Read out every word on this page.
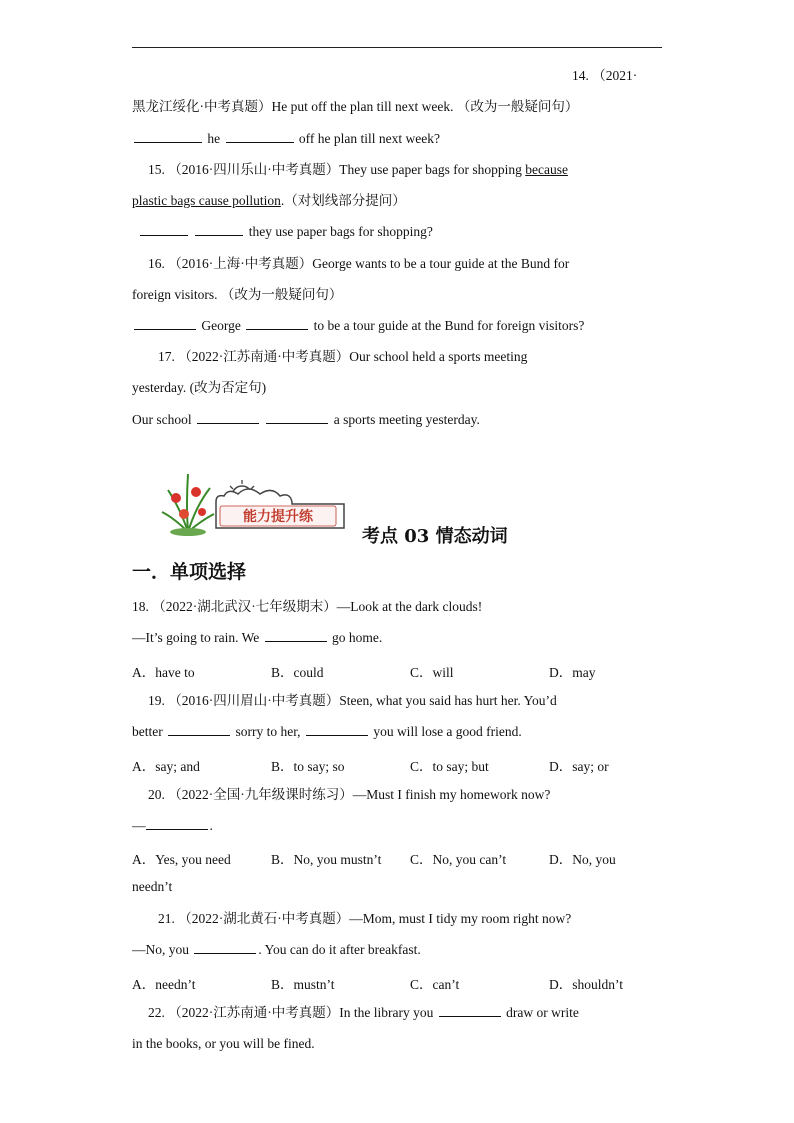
14. （2021·
黑龙江绥化·中考真题）He put off the plan till next week. （改为一般疑问句）
he	off he plan till next week?
15. （2016·四川乐山·中考真题）They use paper bags for shopping because
plastic bags cause pollution.（对划线部分提问）
they use paper bags for shopping?
16. （2016·上海·中考真题）George wants to be a tour guide at the Bund for
foreign visitors. （改为一般疑问句）
George	to be a tour guide at the Bund for foreign visitors?
17. （2022·江苏南通·中考真题）Our school held a sports meeting
yesterday. (改为否定句)
Our school	a sports meeting yesterday.
能力提升练
考点 03 情态动词
一．单项选择
18. （2022·湖北武汉·七年级期末）—Look at the dark clouds!
—It’s going to rain. We	go home.
A．have to	B．could	C．will	D．may
19. （2016·四川眉山·中考真题）Steen, what you said has hurt her. You’d
better	sorry to her,	you will lose a good friend.
A．say; and	B．to say; so	C．to say; but	D．say; or
20. （2022·全国·九年级课时练习）—Must I finish my homework now?
—	.
A．Yes, you need	B．No, you mustn’t C．No, you can’t	D．No, you
needn’t
21. （2022·湖北黄石·中考真题）—Mom, must I tidy my room right now?
—No, you	. You can do it after breakfast.
A．needn’t	B．mustn’t	C．can’t	D．shouldn’t
22. （2022·江苏南通·中考真题）In the library you	draw or write
in the books, or you will be fined.
